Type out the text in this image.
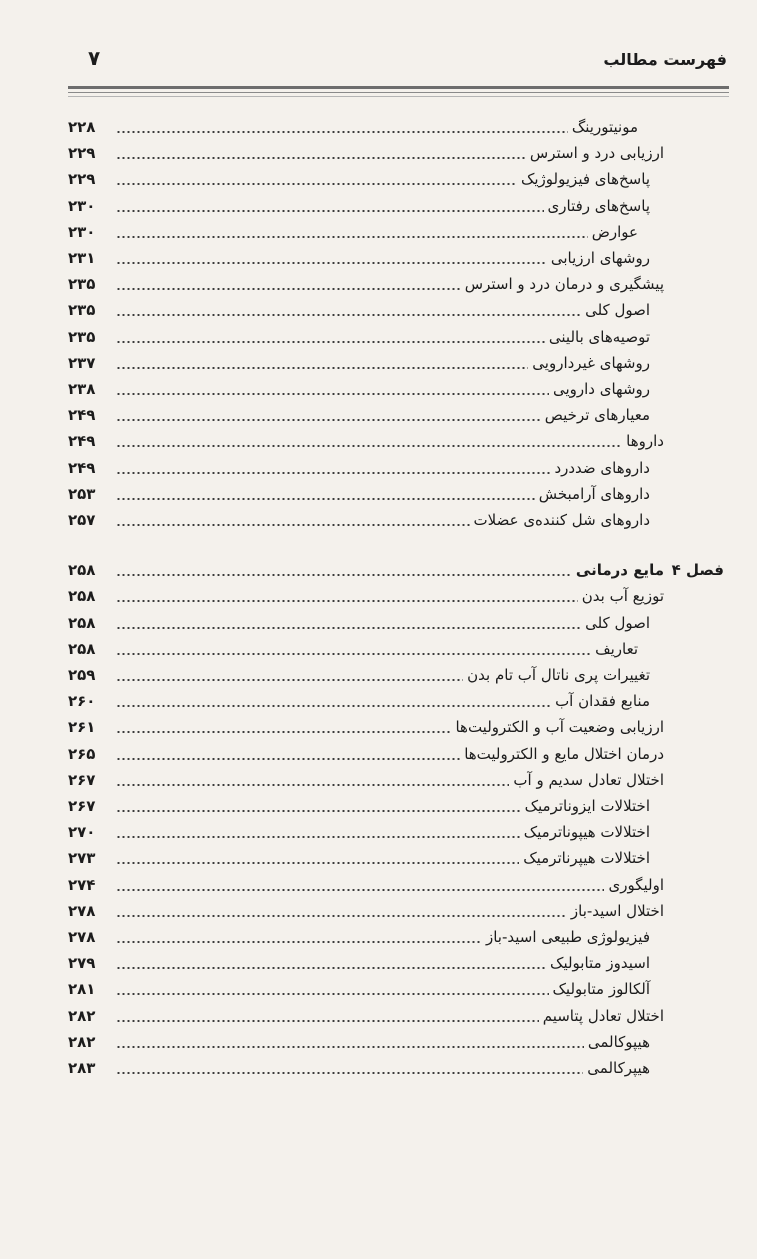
فهرست مطالب
۷
مونیتورینگ
۲۲۸
ارزیابی درد و استرس
۲۲۹
پاسخ‌های فیزیولوژیک
۲۲۹
پاسخ‌های رفتاری
۲۳۰
عوارض
۲۳۰
روشهای ارزیابی
۲۳۱
پیشگیری و درمان درد و استرس
۲۳۵
اصول کلی
۲۳۵
توصیه‌های بالینی
۲۳۵
روشهای غیردارویی
۲۳۷
روشهای دارویی
۲۳۸
معیارهای ترخیص
۲۴۹
داروها
۲۴۹
داروهای ضددرد
۲۴۹
داروهای آرامبخش
۲۵۳
داروهای شل کننده‌ی عضلات
۲۵۷
فصل ۴
مایع درمانی
۲۵۸
توزیع آب بدن
۲۵۸
اصول کلی
۲۵۸
تعاریف
۲۵۸
تغییرات پری ناتال آب تام بدن
۲۵۹
منابع فقدان آب
۲۶۰
ارزیابی وضعیت آب و الکترولیت‌ها
۲۶۱
درمان اختلال مایع و الکترولیت‌ها
۲۶۵
اختلال تعادل سدیم و آب
۲۶۷
اختلالات ایزوناترمیک
۲۶۷
اختلالات هیپوناترمیک
۲۷۰
اختلالات هیپرناترمیک
۲۷۳
اولیگوری
۲۷۴
اختلال اسید-باز
۲۷۸
فیزیولوژی طبیعی اسید-باز
۲۷۸
اسیدوز متابولیک
۲۷۹
آلکالوز متابولیک
۲۸۱
اختلال تعادل پتاسیم
۲۸۲
هیپوکالمی
۲۸۲
هیپرکالمی
۲۸۳
